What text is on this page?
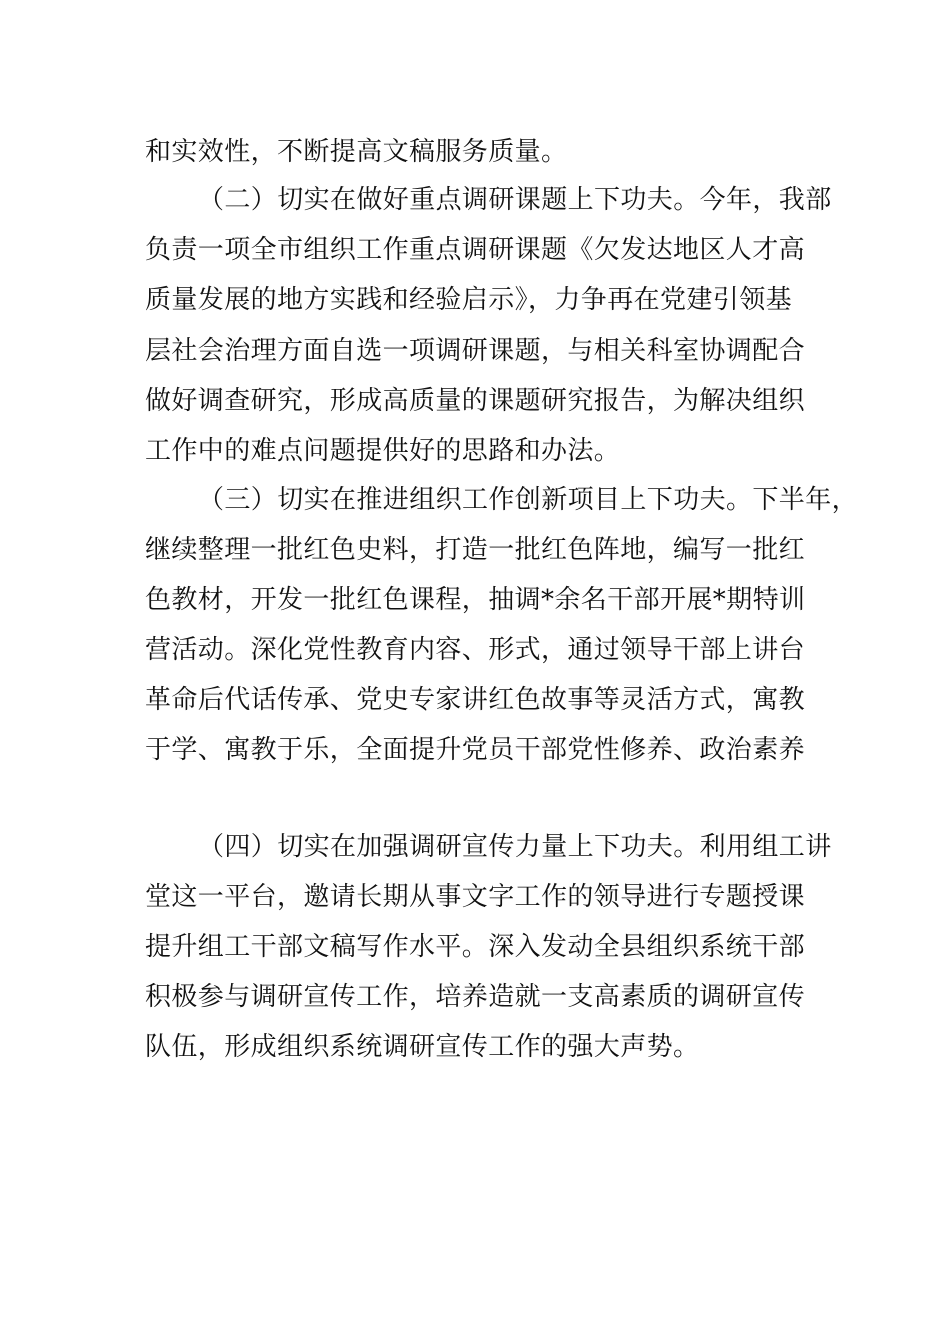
和实效性，不断提高文稿服务质量。

（二）切实在做好重点调研课题上下功夫。今年，我部

负责一项全市组织工作重点调研课题《欠发达地区人才高

质量发展的地方实践和经验启示》，力争再在党建引领基

层社会治理方面自选一项调研课题，与相关科室协调配合

做好调查研究，形成高质量的课题研究报告，为解决组织

工作中的难点问题提供好的思路和办法。

（三）切实在推进组织工作创新项目上下功夫。下半年，

继续整理一批红色史料，打造一批红色阵地，编写一批红

色教材，开发一批红色课程，抽调*余名干部开展*期特训

营活动。深化党性教育内容、形式，通过领导干部上讲台

革命后代话传承、党史专家讲红色故事等灵活方式，寓教

于学、寓教于乐，全面提升党员干部党性修养、政治素养

（四）切实在加强调研宣传力量上下功夫。利用组工讲

堂这一平台，邀请长期从事文字工作的领导进行专题授课

提升组工干部文稿写作水平。深入发动全县组织系统干部

积极参与调研宣传工作，培养造就一支高素质的调研宣传

队伍，形成组织系统调研宣传工作的强大声势。
